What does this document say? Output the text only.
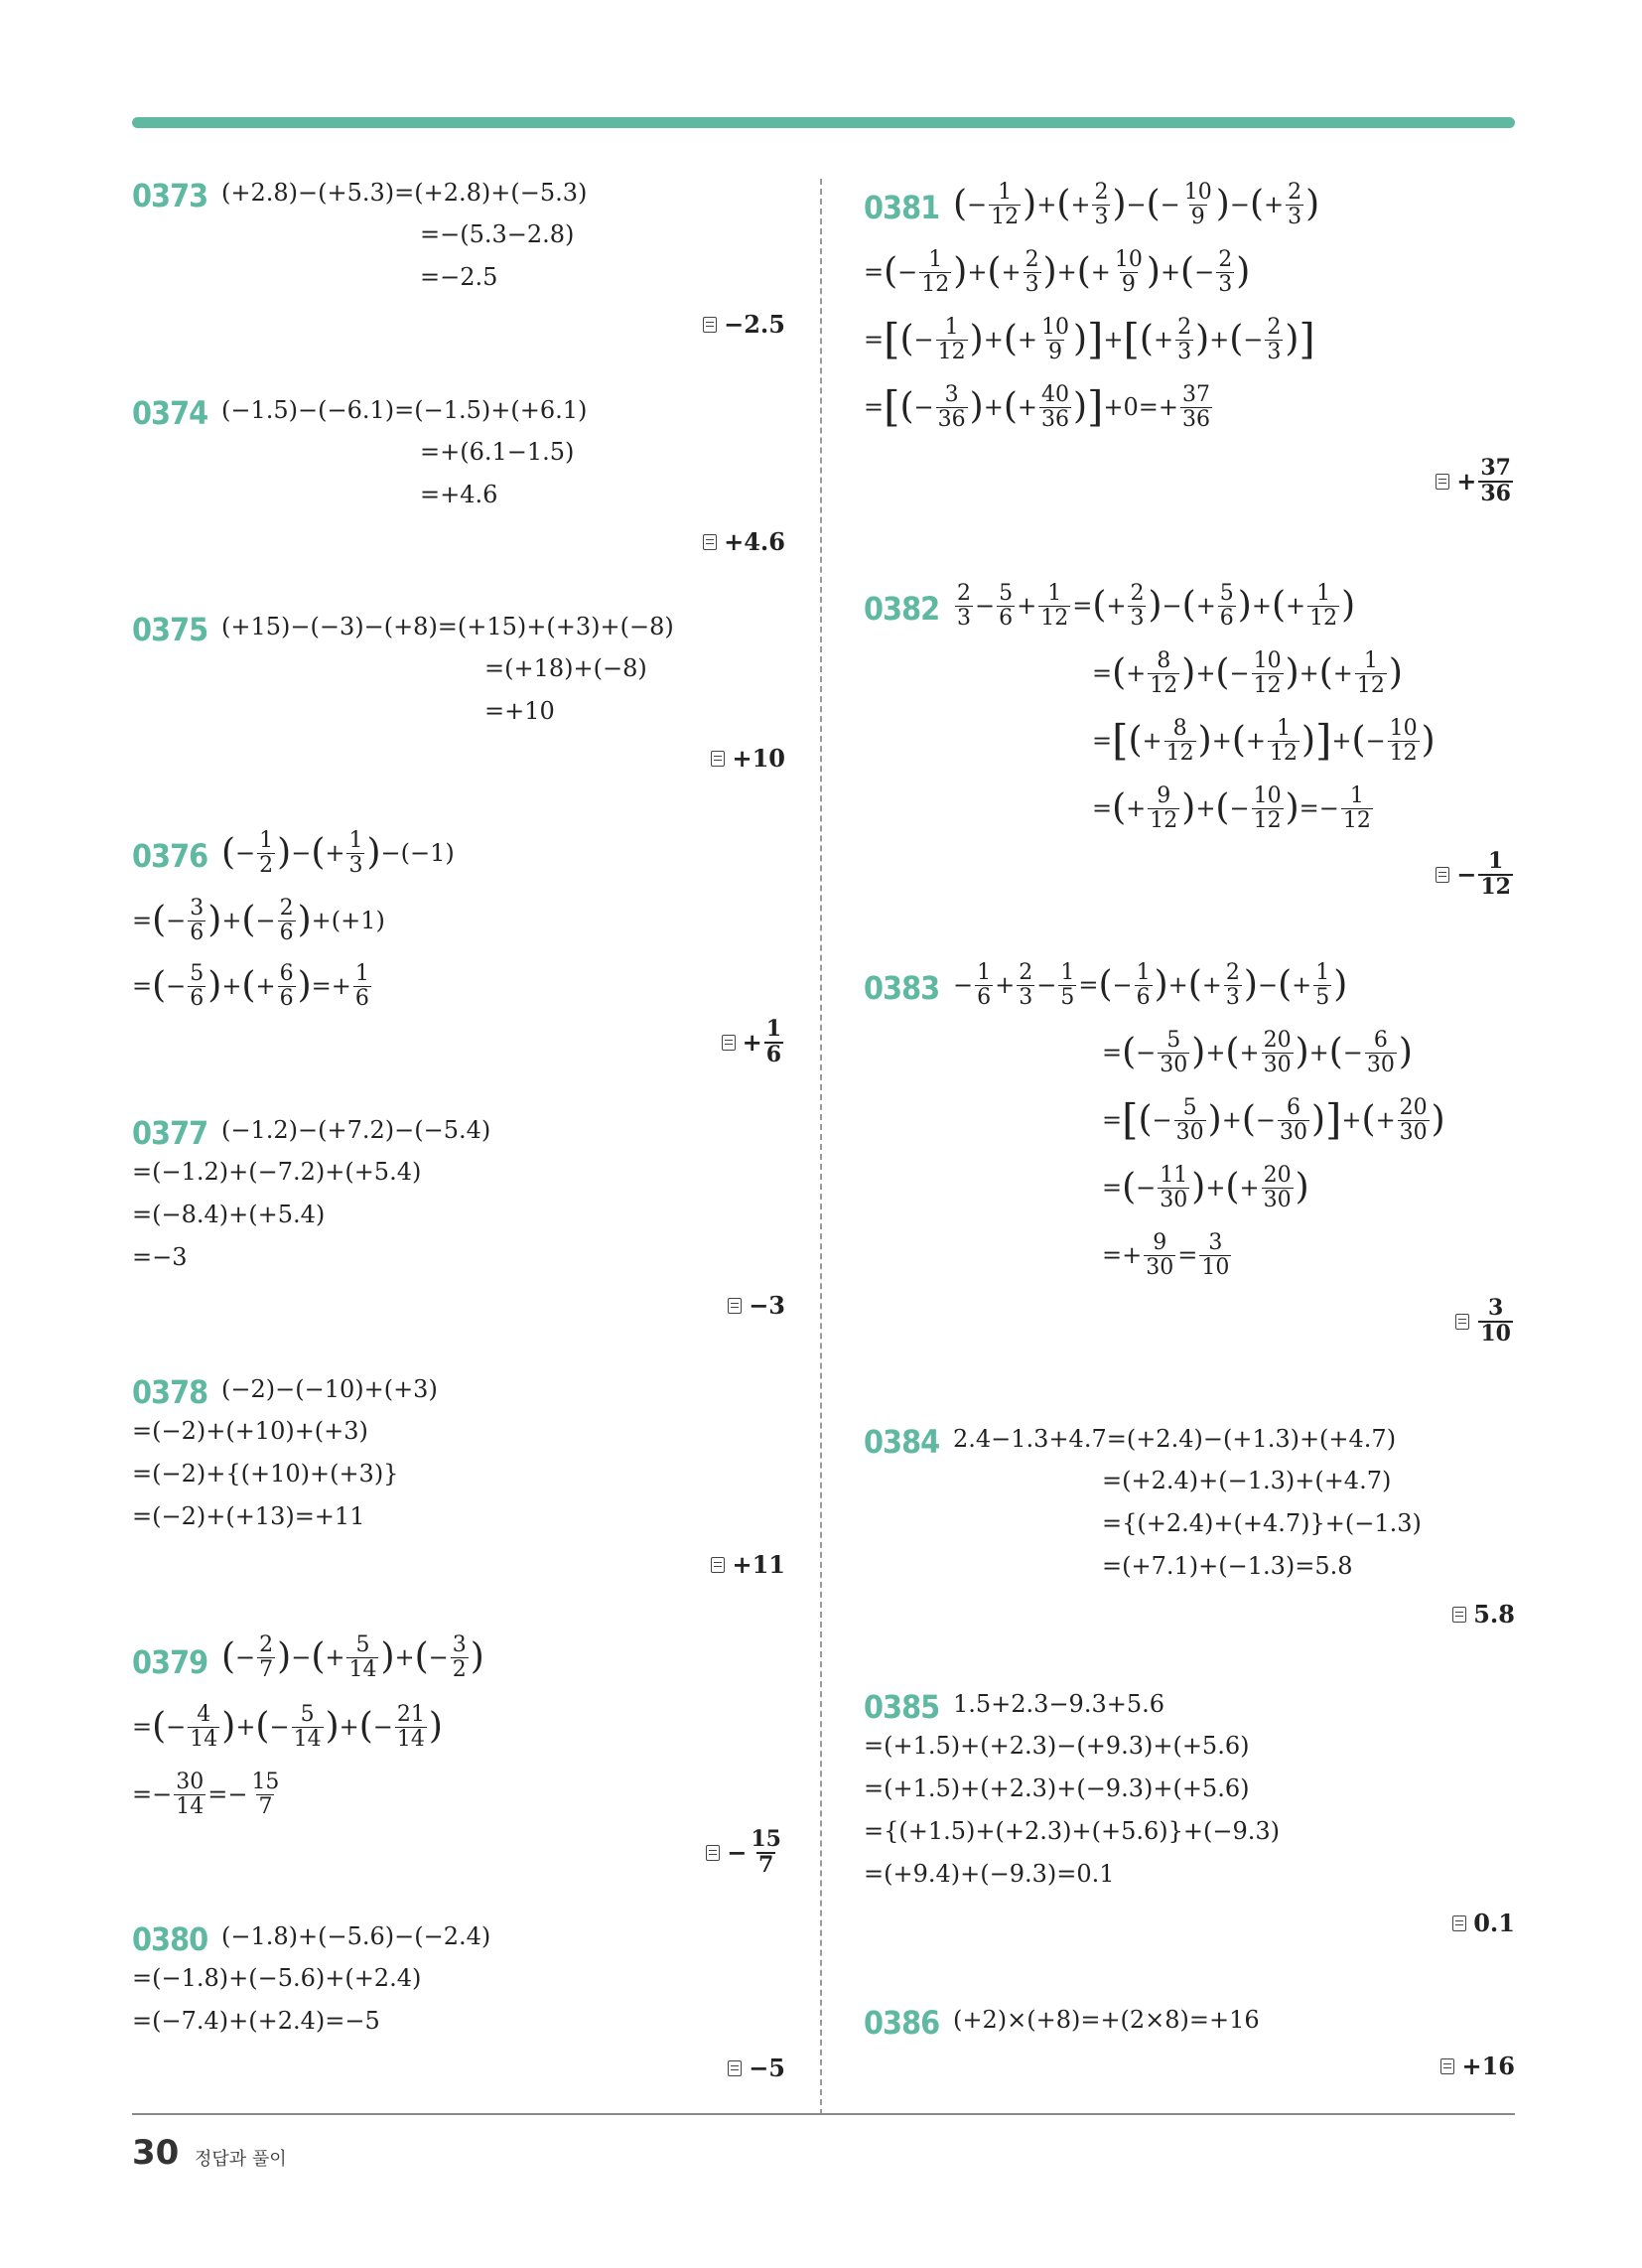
0373 (+2.8)−(+5.3)=(+2.8)+(−5.3)
=−(5.3−2.8)
=−2.5
−2.5
0374 (−1.5)−(−6.1)=(−1.5)+(+6.1)
=+(6.1−1.5)
=+4.6
+4.6
0375 (+15)−(−3)−(+8)=(+15)+(+3)+(−8)
=(+18)+(−8)
=+10
+10
0376 ( − $\frac{1}{2}$ ) − ( + $\frac{1}{3}$ ) −(−1)
= ( − $\frac{3}{6}$ ) + ( − $\frac{2}{6}$ ) +(+1)
= ( − $\frac{5}{6}$ ) + ( + $\frac{6}{6}$ ) =+ $\frac{1}{6}$
+ $\frac{1}{6}$
0377 (−1.2)−(+7.2)−(−5.4)
=(−1.2)+(−7.2)+(+5.4)
=(−8.4)+(+5.4)
=−3
−3
0378 (−2)−(−10)+(+3)
=(−2)+(+10)+(+3)
=(−2)+{(+10)+(+3)}
=(−2)+(+13)=+11
+11
0379 ( − $\frac{2}{7}$ ) − ( + $\frac{5}{14}$ ) + ( − $\frac{3}{2}$ )
= ( − $\frac{4}{14}$ ) + ( − $\frac{5}{14}$ ) + ( − $\frac{21}{14}$ )
=− $\frac{30}{14} =- \frac{15}{7}$
− $\frac{15}{7}$
0380 (−1.8)+(−5.6)−(−2.4)
=(−1.8)+(−5.6)+(+2.4)
=(−7.4)+(+2.4)=−5
−5
0381 ( − $\frac{1}{12}$ ) + ( + $\frac{2}{3}$ ) − ( − $\frac{10}{9}$ ) − ( + $\frac{2}{3}$ )
= ( − $\frac{1}{12}$ ) + ( + $\frac{2}{3}$ ) + ( + $\frac{10}{9}$ ) + ( − $\frac{2}{3}$ )
= [ ( − $\frac{1}{12}$ ) + ( + $\frac{10}{9}$ ) ] + [ ( + $\frac{2}{3}$ ) + ( − $\frac{2}{3}$ ) ]
= [ ( − $\frac{3}{36}$ ) + ( + $\frac{40}{36}$ ) ] $+0=+ \frac{37}{36}$
+ $\frac{37}{36}$
$0382 \frac{2}{3} - \frac{5}{6} + \frac{1}{12}$ = ( + $\frac{2}{3}$ ) − ( + $\frac{5}{6}$ ) + ( + $\frac{1}{12}$ )
= ( + $\frac{8}{12}$ ) + ( − $\frac{10}{12}$ ) + ( + $\frac{1}{12}$ )
= [ ( + $\frac{8}{12}$ ) + ( + $\frac{1}{12}$ ) ] + ( − $\frac{10}{12}$ )
= ( + $\frac{9}{12}$ ) + ( − $\frac{10}{12}$ ) =− $\frac{1}{12}$
− $\frac{1}{12}$
$0383 - \frac{1}{6} + \frac{2}{3} - \frac{1}{5}$ = ( − $\frac{1}{6}$ ) + ( + $\frac{2}{3}$ ) − ( + $\frac{1}{5}$ )
= ( − $\frac{5}{30}$ ) + ( + $\frac{20}{30}$ ) + ( − $\frac{6}{30}$ )
= [ ( − $\frac{5}{30}$ ) + ( − $\frac{6}{30}$ ) ] + ( + $\frac{20}{30}$ )
= ( − $\frac{11}{30}$ ) + ( + $\frac{20}{30}$ )
=+ $\frac{9}{30} = \frac{3}{10}$
$\frac{3}{10}$
0384 2.4−1.3+4.7=(+2.4)−(+1.3)+(+4.7)
=(+2.4)+(−1.3)+(+4.7)
={(+2.4)+(+4.7)}+(−1.3)
=(+7.1)+(−1.3)=5.8
5.8
0385 1.5+2.3−9.3+5.6
=(+1.5)+(+2.3)−(+9.3)+(+5.6)
=(+1.5)+(+2.3)+(−9.3)+(+5.6)
={(+1.5)+(+2.3)+(+5.6)}+(−9.3)
=(+9.4)+(−9.3)=0.1
0.1
0386 (+2)×(+8)=+(2×8)=+16
+16
30 정답과 풀이
